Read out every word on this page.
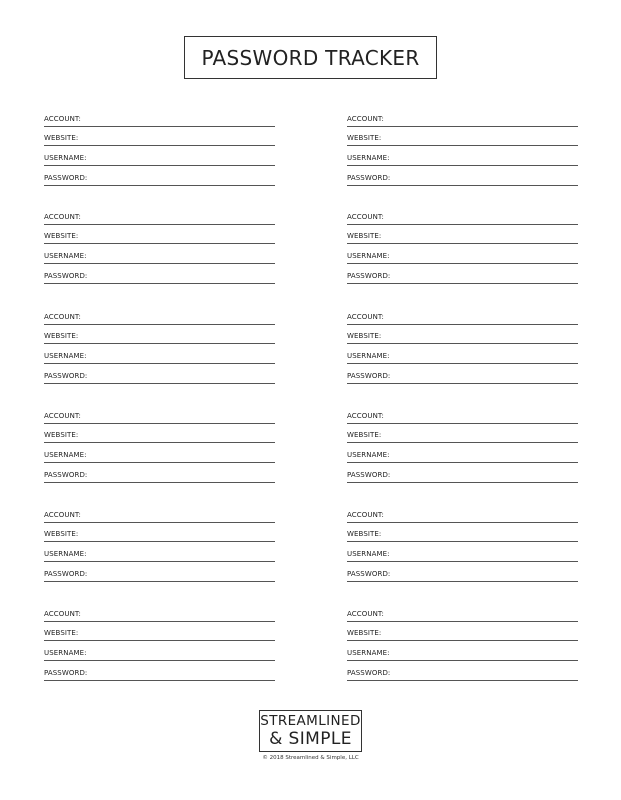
PASSWORD TRACKER
ACCOUNT:
WEBSITE:
USERNAME:
PASSWORD:
ACCOUNT:
WEBSITE:
USERNAME:
PASSWORD:
ACCOUNT:
WEBSITE:
USERNAME:
PASSWORD:
ACCOUNT:
WEBSITE:
USERNAME:
PASSWORD:
ACCOUNT:
WEBSITE:
USERNAME:
PASSWORD:
ACCOUNT:
WEBSITE:
USERNAME:
PASSWORD:
ACCOUNT:
WEBSITE:
USERNAME:
PASSWORD:
ACCOUNT:
WEBSITE:
USERNAME:
PASSWORD:
ACCOUNT:
WEBSITE:
USERNAME:
PASSWORD:
ACCOUNT:
WEBSITE:
USERNAME:
PASSWORD:
ACCOUNT:
WEBSITE:
USERNAME:
PASSWORD:
ACCOUNT:
WEBSITE:
USERNAME:
PASSWORD:
STREAMLINED
& SIMPLE
© 2018 Streamlined & Simple, LLC
